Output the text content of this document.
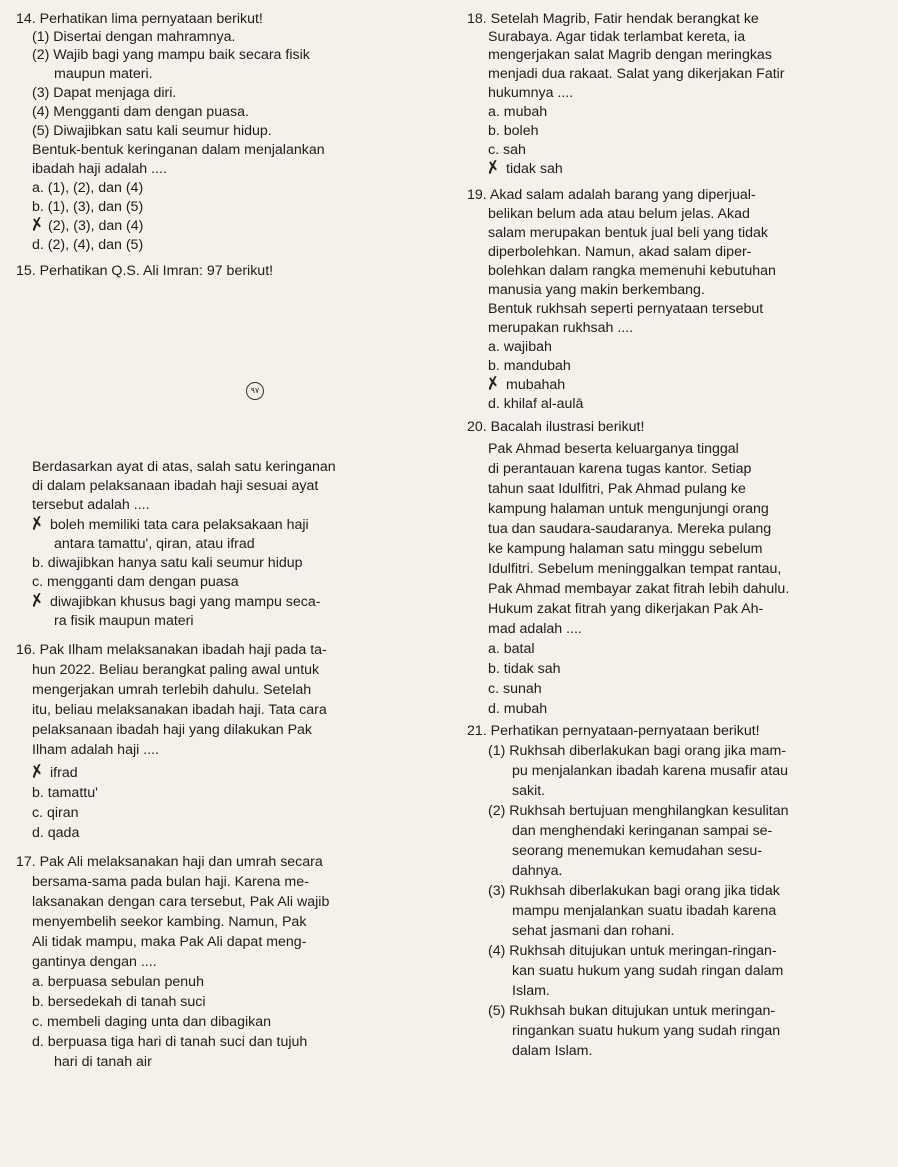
14. Perhatikan lima pernyataan berikut!
(1) Disertai dengan mahramnya.
(2) Wajib bagi yang mampu baik secara fisik
maupun materi.
(3) Dapat menjaga diri.
(4) Mengganti dam dengan puasa.
(5) Diwajibkan satu kali seumur hidup.
Bentuk-bentuk keringanan dalam menjalankan
ibadah haji adalah ....
a. (1), (2), dan (4)
b. (1), (3), dan (5)
✗ (2), (3), dan (4)
d. (2), (4), dan (5)
15. Perhatikan Q.S. Ali Imran: 97 berikut!
٩٧
Berdasarkan ayat di atas, salah satu keringanan
di dalam pelaksanaan ibadah haji sesuai ayat
tersebut adalah ....
✗ boleh memiliki tata cara pelaksakaan haji
antara tamattu', qiran, atau ifrad
b. diwajibkan hanya satu kali seumur hidup
c. mengganti dam dengan puasa
✗ diwajibkan khusus bagi yang mampu seca-
ra fisik maupun materi
16. Pak Ilham melaksanakan ibadah haji pada ta-
hun 2022. Beliau berangkat paling awal untuk
mengerjakan umrah terlebih dahulu. Setelah
itu, beliau melaksanakan ibadah haji. Tata cara
pelaksanaan ibadah haji yang dilakukan Pak
Ilham adalah haji ....
✗ ifrad
b. tamattu'
c. qiran
d. qada
17. Pak Ali melaksanakan haji dan umrah secara
bersama-sama pada bulan haji. Karena me-
laksanakan dengan cara tersebut, Pak Ali wajib
menyembelih seekor kambing. Namun, Pak
Ali tidak mampu, maka Pak Ali dapat meng-
gantinya dengan ....
a. berpuasa sebulan penuh
b. bersedekah di tanah suci
c. membeli daging unta dan dibagikan
d. berpuasa tiga hari di tanah suci dan tujuh
hari di tanah air
18. Setelah Magrib, Fatir hendak berangkat ke
Surabaya. Agar tidak terlambat kereta, ia
mengerjakan salat Magrib dengan meringkas
menjadi dua rakaat. Salat yang dikerjakan Fatir
hukumnya ....
a. mubah
b. boleh
c. sah
✗ tidak sah
19. Akad salam adalah barang yang diperjual-
belikan belum ada atau belum jelas. Akad
salam merupakan bentuk jual beli yang tidak
diperbolehkan. Namun, akad salam diper-
bolehkan dalam rangka memenuhi kebutuhan
manusia yang makin berkembang.
Bentuk rukhsah seperti pernyataan tersebut
merupakan rukhsah ....
a. wajibah
b. mandubah
✗ mubahah
d. khilaf al-aulā
20. Bacalah ilustrasi berikut!
Pak Ahmad beserta keluarganya tinggal
di perantauan karena tugas kantor. Setiap
tahun saat Idulfitri, Pak Ahmad pulang ke
kampung halaman untuk mengunjungi orang
tua dan saudara-saudaranya. Mereka pulang
ke kampung halaman satu minggu sebelum
Idulfitri. Sebelum meninggalkan tempat rantau,
Pak Ahmad membayar zakat fitrah lebih dahulu.
Hukum zakat fitrah yang dikerjakan Pak Ah-
mad adalah ....
a. batal
b. tidak sah
c. sunah
d. mubah
21. Perhatikan pernyataan-pernyataan berikut!
(1) Rukhsah diberlakukan bagi orang jika mam-
pu menjalankan ibadah karena musafir atau
sakit.
(2) Rukhsah bertujuan menghilangkan kesulitan
dan menghendaki keringanan sampai se-
seorang menemukan kemudahan sesu-
dahnya.
(3) Rukhsah diberlakukan bagi orang jika tidak
mampu menjalankan suatu ibadah karena
sehat jasmani dan rohani.
(4) Rukhsah ditujukan untuk meringan-ringan-
kan suatu hukum yang sudah ringan dalam
Islam.
(5) Rukhsah bukan ditujukan untuk meringan-
ringankan suatu hukum yang sudah ringan
dalam Islam.
